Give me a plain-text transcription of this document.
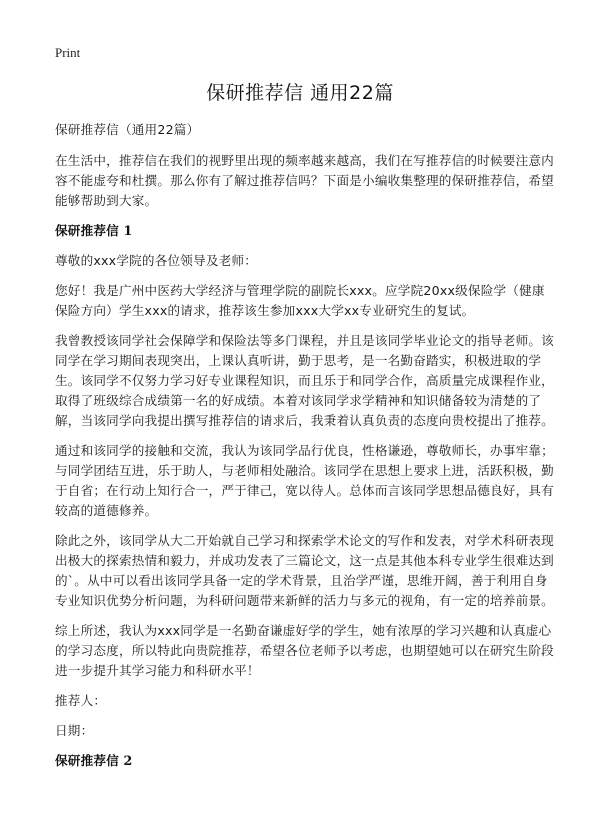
Print
保研推荐信 通用22篇

保研推荐信（通用22篇）

在生活中，推荐信在我们的视野里出现的频率越来越高，我们在写推荐信的时候要注意内容不能虚夸和杜撰。那么你有了解过推荐信吗？下面是小编收集整理的保研推荐信，希望能够帮助到大家。

保研推荐信 1

尊敬的xxx学院的各位领导及老师：

您好！我是广州中医药大学经济与管理学院的副院长xxx。应学院20xx级保险学（健康保险方向）学生xxx的请求，推荐该生参加xxx大学xx专业研究生的复试。

我曾教授该同学社会保障学和保险法等多门课程，并且是该同学毕业论文的指导老师。该同学在学习期间表现突出，上课认真听讲，勤于思考，是一名勤奋踏实，积极进取的学生。该同学不仅努力学习好专业课程知识，而且乐于和同学合作，高质量完成课程作业，取得了班级综合成绩第一名的好成绩。本着对该同学求学精神和知识储备较为清楚的了解，当该同学向我提出撰写推荐信的请求后，我秉着认真负责的态度向贵校提出了推荐。

通过和该同学的接触和交流，我认为该同学品行优良，性格谦逊，尊敬师长，办事牢靠；与同学团结互进，乐于助人，与老师相处融洽。该同学在思想上要求上进，活跃积极，勤于自省；在行动上知行合一，严于律己，宽以待人。总体而言该同学思想品德良好，具有较高的道德修养。

除此之外，该同学从大二开始就自己学习和探索学术论文的写作和发表，对学术科研表现出极大的探索热情和毅力，并成功发表了三篇论文，这一点是其他本科专业学生很难达到的`。从中可以看出该同学具备一定的学术背景，且治学严谨，思维开阔，善于利用自身专业知识优势分析问题，为科研问题带来新鲜的活力与多元的视角，有一定的培养前景。

综上所述，我认为xxx同学是一名勤奋谦虚好学的学生，她有浓厚的学习兴趣和认真虚心的学习态度，所以特此向贵院推荐，希望各位老师予以考虑，也期望她可以在研究生阶段进一步提升其学习能力和科研水平！

推荐人：

日期：

保研推荐信 2
